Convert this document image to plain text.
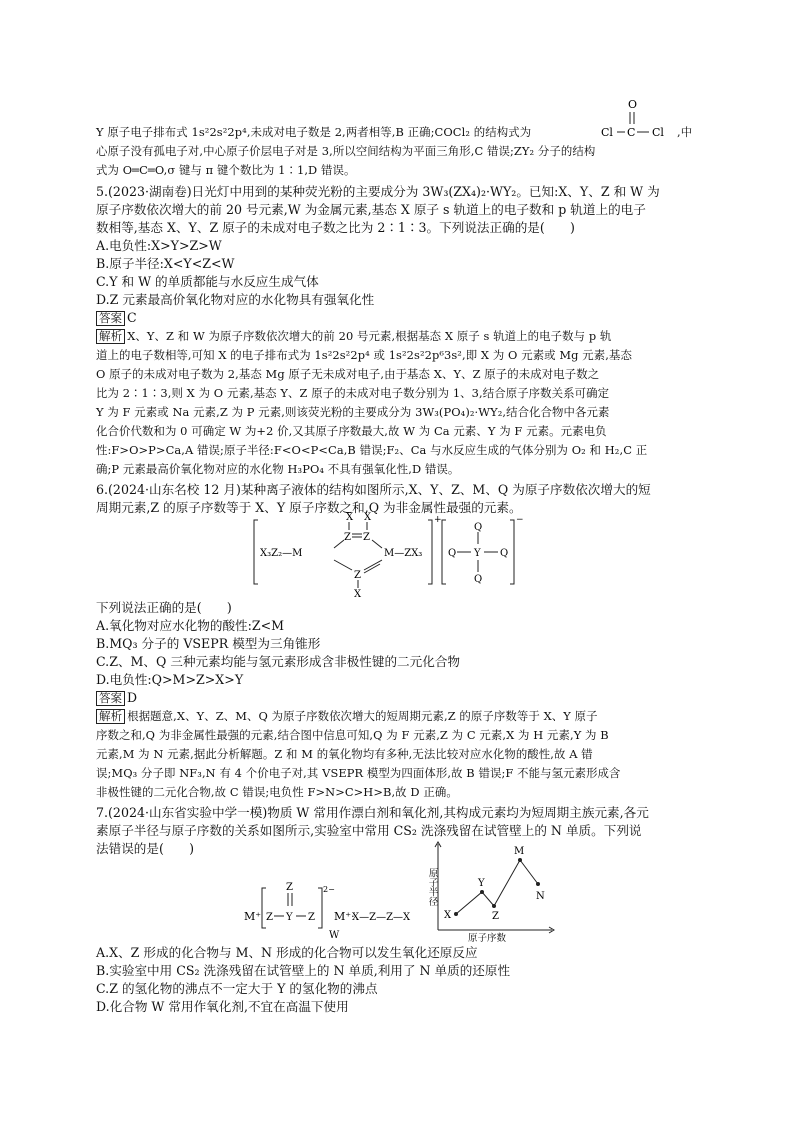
Y 原子电子排布式 1s²2s²2p⁴,未成对电子数是 2,两者相等,B 正确;COCl₂ 的结构式为
O
Cl C Cl ,中
心原子没有孤电子对,中心原子价层电子对是 3,所以空间结构为平面三角形,C 错误;ZY₂ 分子的结构
式为 O═C═O,σ 键与 π 键个数比为 1∶1,D 错误。
5.(2023·湖南卷)日光灯中用到的某种荧光粉的主要成分为 3W₃(ZX₄)₂·WY₂。已知:X、Y、Z 和 W 为
原子序数依次增大的前 20 号元素,W 为金属元素,基态 X 原子 s 轨道上的电子数和 p 轨道上的电子
数相等,基态 X、Y、Z 原子的未成对电子数之比为 2∶1∶3。下列说法正确的是(　　)
A.电负性:X>Y>Z>W
B.原子半径:X<Y<Z<W
C.Y 和 W 的单质都能与水反应生成气体
D.Z 元素最高价氧化物对应的水化物具有强氧化性
答案 C
解析 X、Y、Z 和 W 为原子序数依次增大的前 20 号元素,根据基态 X 原子 s 轨道上的电子数与 p 轨
道上的电子数相等,可知 X 的电子排布式为 1s²2s²2p⁴ 或 1s²2s²2p⁶3s²,即 X 为 O 元素或 Mg 元素,基态
O 原子的未成对电子数为 2,基态 Mg 原子无未成对电子,由于基态 X、Y、Z 原子的未成对电子数之
比为 2∶1∶3,则 X 为 O 元素,基态 Y、Z 原子的未成对电子数分别为 1、3,结合原子序数关系可确定
Y 为 F 元素或 Na 元素,Z 为 P 元素,则该荧光粉的主要成分为 3W₃(PO₄)₂·WY₂,结合化合物中各元素
化合价代数和为 0 可确定 W 为+2 价,又其原子序数最大,故 W 为 Ca 元素、Y 为 F 元素。元素电负
性:F>O>P>Ca,A 错误;原子半径:F<O<P<Ca,B 错误;F₂、Ca 与水反应生成的气体分别为 O₂ 和 H₂,C 正
确;P 元素最高价氧化物对应的水化物 H₃PO₄ 不具有强氧化性,D 错误。
6.(2024·山东名校 12 月)某种离子液体的结构如图所示,X、Y、Z、M、Q 为原子序数依次增大的短
周期元素,Z 的原子序数等于 X、Y 原子序数之和,Q 为非金属性最强的元素。
+
X₃Z₂—M
X X
Z Z
M—ZX₃
Z
X
−
Q
Q Y Q
Q
下列说法正确的是(　　)
A.氧化物对应水化物的酸性:Z<M
B.MQ₃ 分子的 VSEPR 模型为三角锥形
C.Z、M、Q 三种元素均能与氢元素形成含非极性键的二元化合物
D.电负性:Q>M>Z>X>Y
答案 D
解析 根据题意,X、Y、Z、M、Q 为原子序数依次增大的短周期元素,Z 的原子序数等于 X、Y 原子
序数之和,Q 为非金属性最强的元素,结合图中信息可知,Q 为 F 元素,Z 为 C 元素,X 为 H 元素,Y 为 B
元素,M 为 N 元素,据此分析解题。Z 和 M 的氧化物均有多种,无法比较对应水化物的酸性,故 A 错
误;MQ₃ 分子即 NF₃,N 有 4 个价电子对,其 VSEPR 模型为四面体形,故 B 错误;F 不能与氢元素形成含
非极性键的二元化合物,故 C 错误;电负性 F>N>C>H>B,故 D 正确。
7.(2024·山东省实验中学一模)物质 W 常用作漂白剂和氧化剂,其构成元素均为短周期主族元素,各元
素原子半径与原子序数的关系如图所示,实验室中常用 CS₂ 洗涤残留在试管壁上的 N 单质。下列说
法错误的是(　　)
M⁺
Z
Z Y Z
2−
M⁺·
X—Z—Z—X
W
原子半径
原子序数
X
Y
Z
M
N
A.X、Z 形成的化合物与 M、N 形成的化合物可以发生氧化还原反应
B.实验室中用 CS₂ 洗涤残留在试管壁上的 N 单质,利用了 N 单质的还原性
C.Z 的氢化物的沸点不一定大于 Y 的氢化物的沸点
D.化合物 W 常用作氧化剂,不宜在高温下使用
